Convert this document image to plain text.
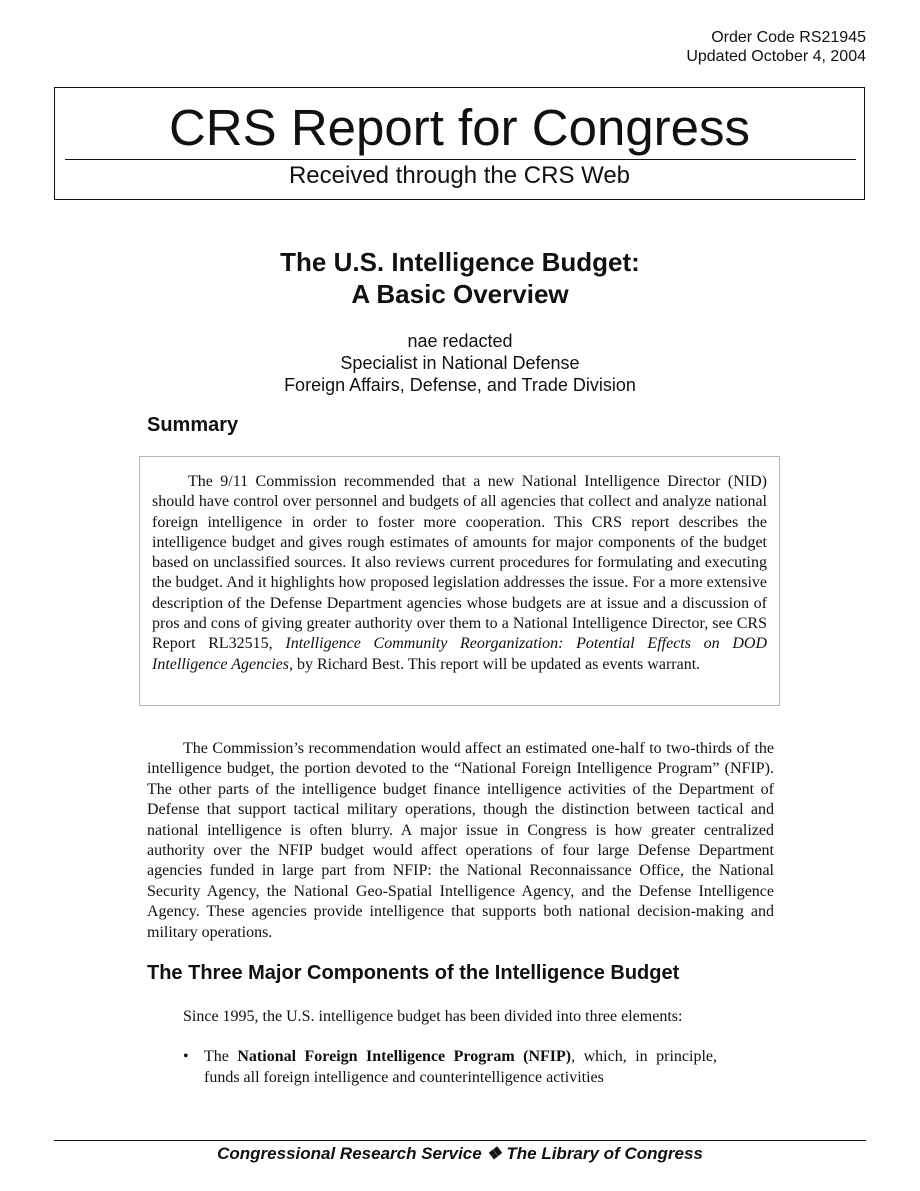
Order Code RS21945
Updated October 4, 2004
CRS Report for Congress
Received through the CRS Web
The U.S. Intelligence Budget:
A Basic Overview
nae redacted
Specialist in National Defense
Foreign Affairs, Defense, and Trade Division
Summary

The 9/11 Commission recommended that a new National Intelligence Director (NID) should have control over personnel and budgets of all agencies that collect and analyze national foreign intelligence in order to foster more cooperation. This CRS report describes the intelligence budget and gives rough estimates of amounts for major components of the budget based on unclassified sources. It also reviews current procedures for formulating and executing the budget. And it highlights how proposed legislation addresses the issue. For a more extensive description of the Defense Department agencies whose budgets are at issue and a discussion of pros and cons of giving greater authority over them to a National Intelligence Director, see CRS Report RL32515, Intelligence Community Reorganization: Potential Effects on DOD Intelligence Agencies, by Richard Best. This report will be updated as events warrant.

The Commission’s recommendation would affect an estimated one-half to two-thirds of the intelligence budget, the portion devoted to the “National Foreign Intelligence Program” (NFIP). The other parts of the intelligence budget finance intelligence activities of the Department of Defense that support tactical military operations, though the distinction between tactical and national intelligence is often blurry. A major issue in Congress is how greater centralized authority over the NFIP budget would affect operations of four large Defense Department agencies funded in large part from NFIP: the National Reconnaissance Office, the National Security Agency, the National Geo-Spatial Intelligence Agency, and the Defense Intelligence Agency. These agencies provide intelligence that supports both national decision-making and military operations.

The Three Major Components of the Intelligence Budget

Since 1995, the U.S. intelligence budget has been divided into three elements:

• The National Foreign Intelligence Program (NFIP), which, in principle, funds all foreign intelligence and counterintelligence activities

Congressional Research Service ❖ The Library of Congress
